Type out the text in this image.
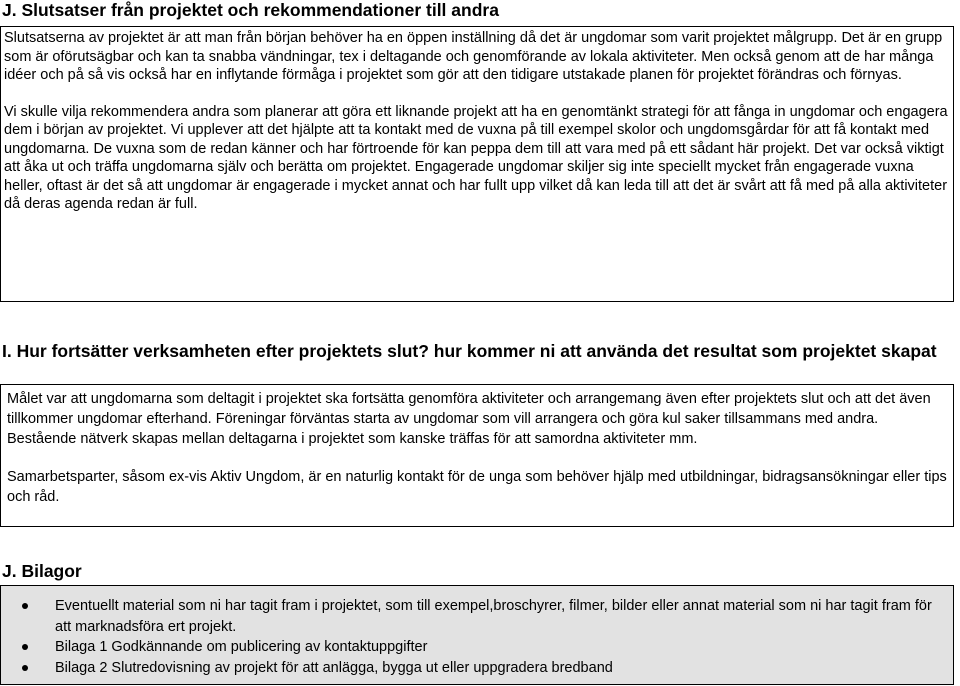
J. Slutsatser från projektet och rekommendationer till andra

Slutsatserna av projektet är att man från början behöver ha en öppen inställning då det är ungdomar som varit projektet målgrupp. Det är en grupp som är oförutsägbar och kan ta snabba vändningar, tex i deltagande och genomförande av lokala aktiviteter. Men också genom att de har många idéer och på så vis också har en inflytande förmåga i projektet som gör att den tidigare utstakade planen för projektet förändras och förnyas.

Vi skulle vilja rekommendera andra som planerar att göra ett liknande projekt att ha en genomtänkt strategi för att fånga in ungdomar och engagera dem i början av projektet. Vi upplever att det hjälpte att ta kontakt med de vuxna på till exempel skolor och ungdomsgårdar för att få kontakt med ungdomarna. De vuxna som de redan känner och har förtroende för kan peppa dem till att vara med på ett sådant här projekt. Det var också viktigt att åka ut och träffa ungdomarna själv och berätta om projektet. Engagerade ungdomar skiljer sig inte speciellt mycket från engagerade vuxna heller, oftast är det så att ungdomar är engagerade i mycket annat och har fullt upp vilket då kan leda till att det är svårt att få med på alla aktiviteter då deras agenda redan är full.

I. Hur fortsätter verksamheten efter projektets slut? hur kommer ni att använda det resultat som projektet skapat

Målet var att ungdomarna som deltagit i projektet ska fortsätta genomföra aktiviteter och arrangemang även efter projektets slut och att det även tillkommer ungdomar efterhand. Föreningar förväntas starta av ungdomar som vill arrangera och göra kul saker tillsammans med andra. Bestående nätverk skapas mellan deltagarna i projektet som kanske träffas för att samordna aktiviteter mm.

Samarbetsparter, såsom ex-vis Aktiv Ungdom, är en naturlig kontakt för de unga som behöver hjälp med utbildningar, bidragsansökningar eller tips och råd.

J. Bilagor
Eventuellt material som ni har tagit fram i projektet, som till exempel,broschyrer, filmer, bilder eller annat material som ni har tagit fram för att marknadsföra ert projekt.
Bilaga 1 Godkännande om publicering av kontaktuppgifter
Bilaga 2 Slutredovisning av projekt för att anlägga, bygga ut eller uppgradera bredband
